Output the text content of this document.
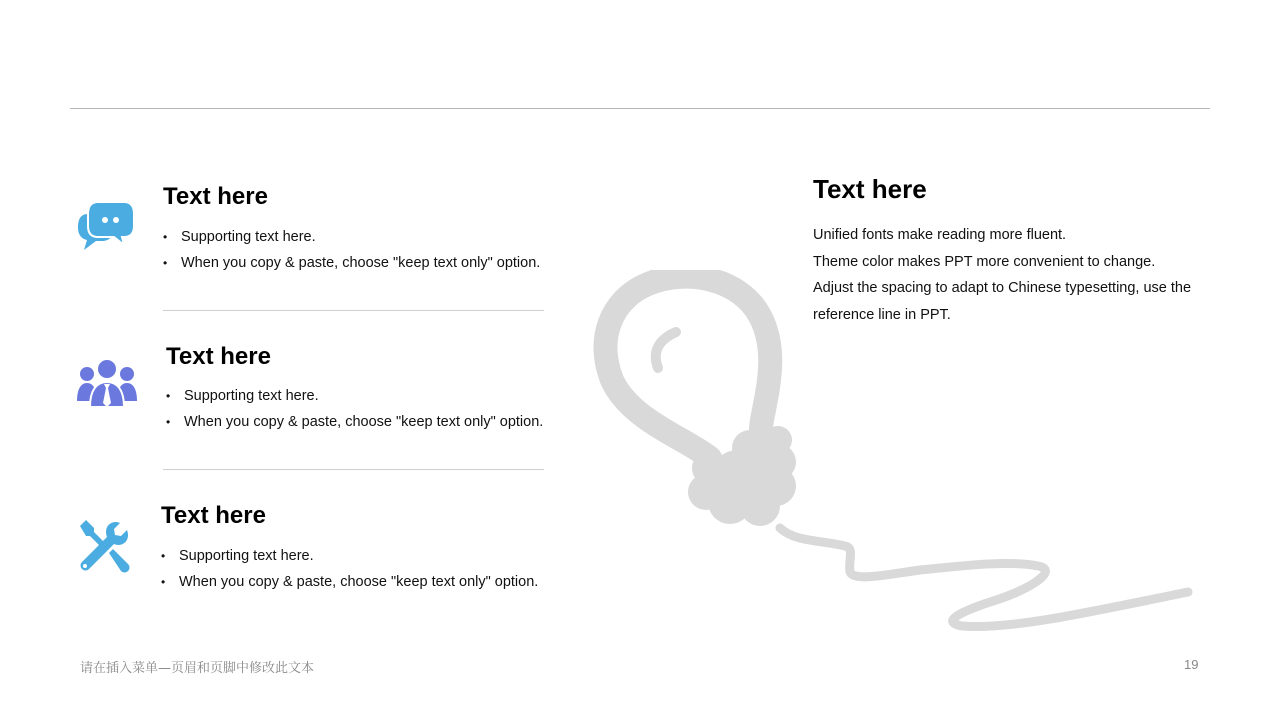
Text here
• Supporting text here.
• When you copy & paste, choose "keep text only" option.
Text here
• Supporting text here.
• When you copy & paste, choose "keep text only" option.
Text here
• Supporting text here.
• When you copy & paste, choose "keep text only" option.
Text here

Unified fonts make reading more fluent.

Theme color makes PPT more convenient to change.

Adjust the spacing to adapt to Chinese typesetting, use the reference line in PPT.

请在插入菜单—页眉和页脚中修改此文本	19
